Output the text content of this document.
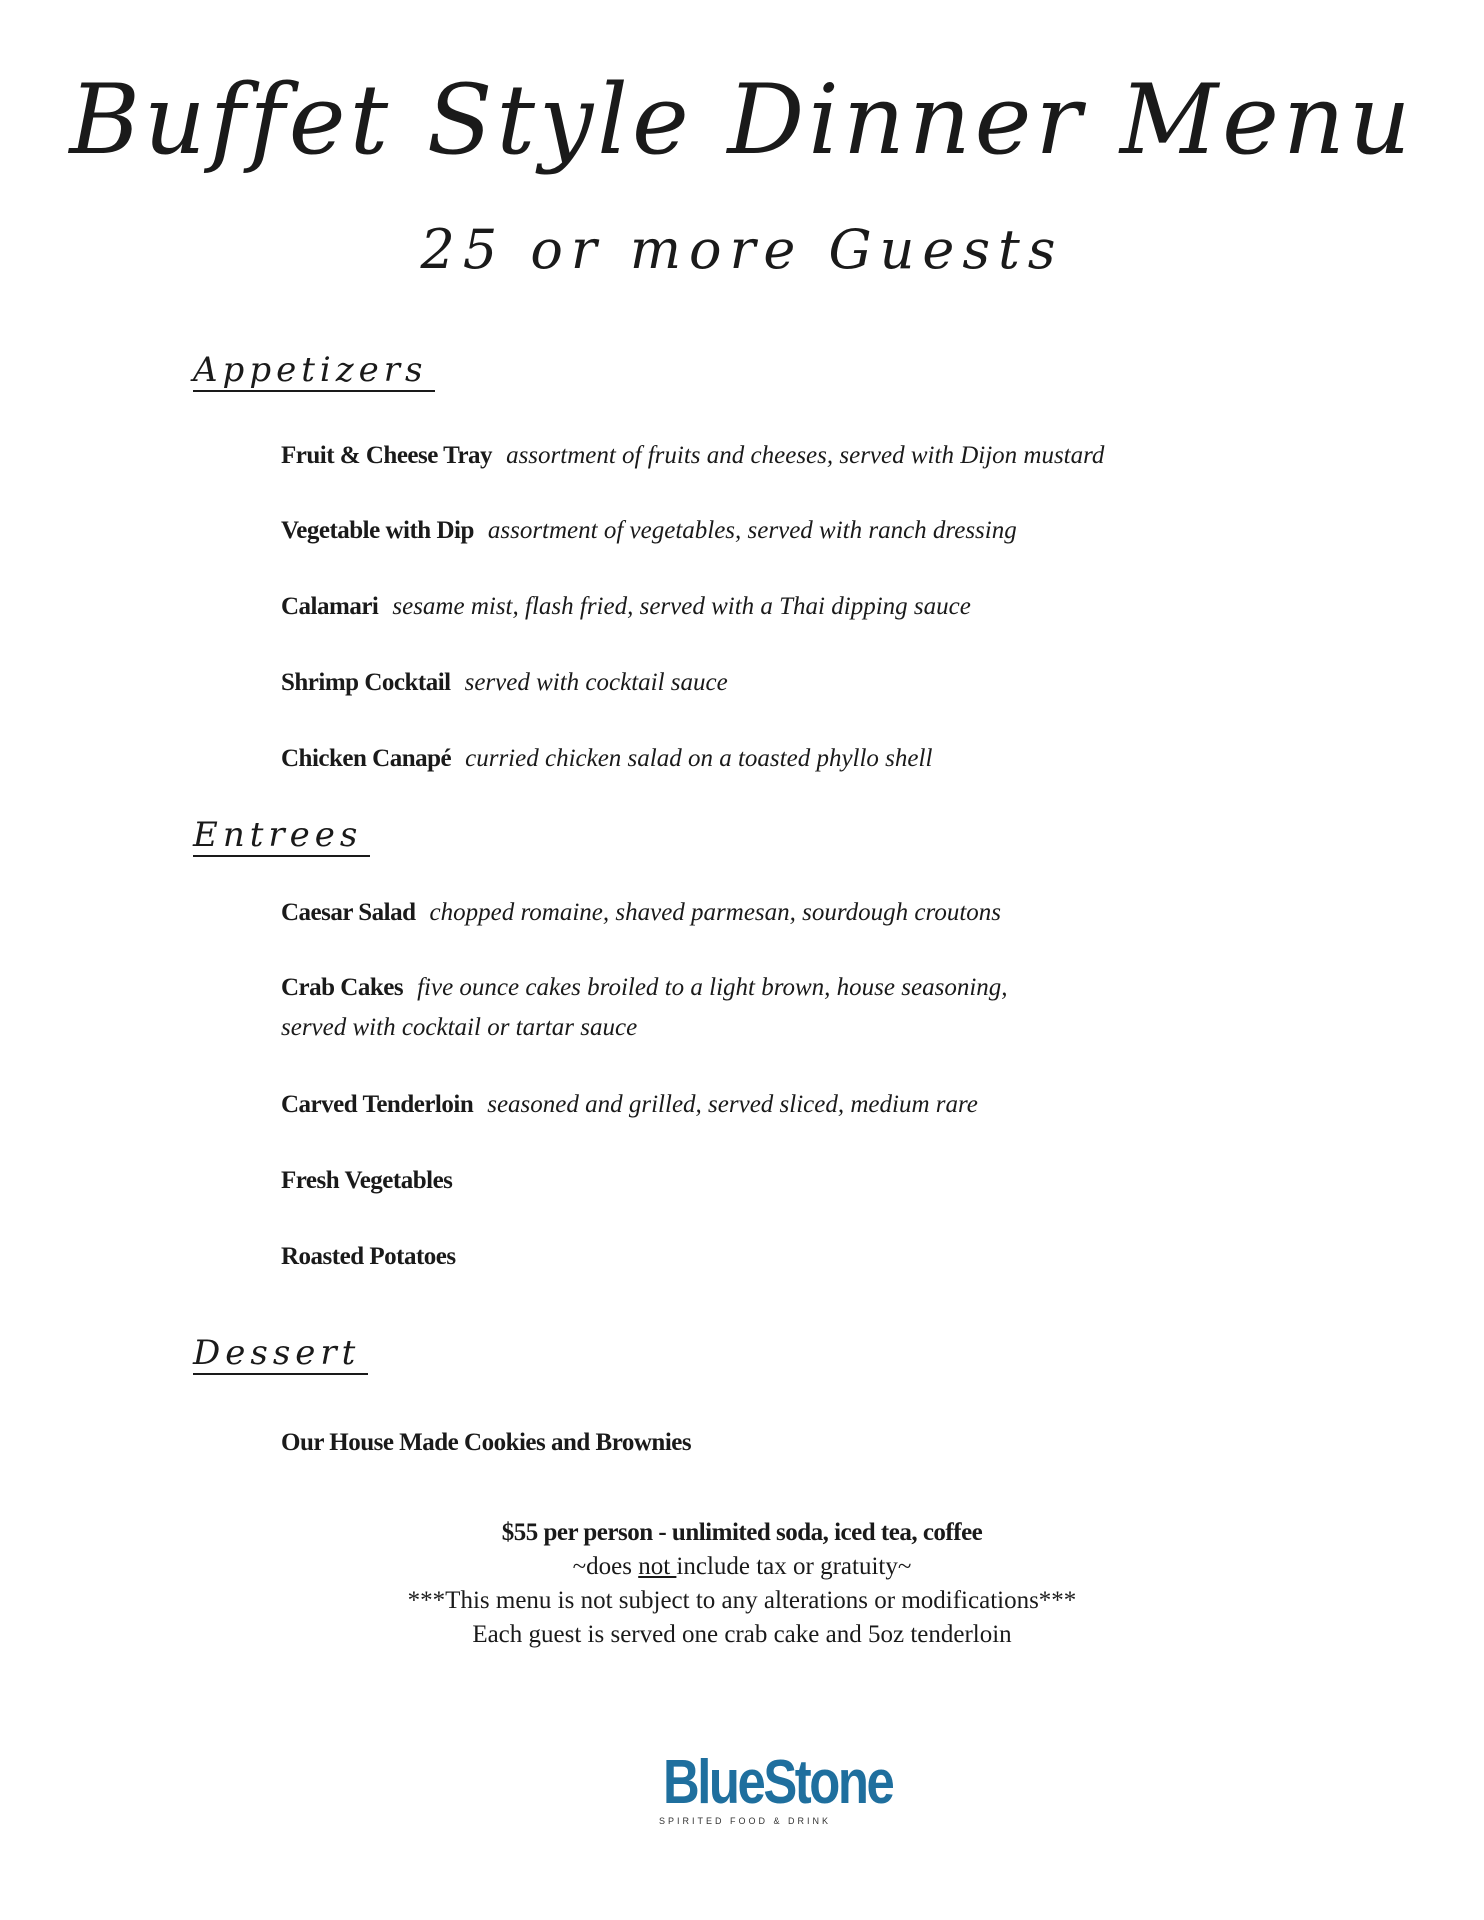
Buffet Style Dinner Menu
25 or more Guests
Appetizers
Fruit & Cheese Tray assortment of fruits and cheeses, served with Dijon mustard
Vegetable with Dip assortment of vegetables, served with ranch dressing
Calamari sesame mist, flash fried, served with a Thai dipping sauce
Shrimp Cocktail served with cocktail sauce
Chicken Canapé curried chicken salad on a toasted phyllo shell
Entrees
Caesar Salad chopped romaine, shaved parmesan, sourdough croutons
Crab Cakes five ounce cakes broiled to a light brown, house seasoning,
served with cocktail or tartar sauce
Carved Tenderloin seasoned and grilled, served sliced, medium rare
Fresh Vegetables
Roasted Potatoes
Dessert
Our House Made Cookies and Brownies
$55 per person - unlimited soda, iced tea, coffee
~does not include tax or gratuity~
***This menu is not subject to any alterations or modifications***
Each guest is served one crab cake and 5oz tenderloin
BlueStone
SPIRITED FOOD & DRINK
